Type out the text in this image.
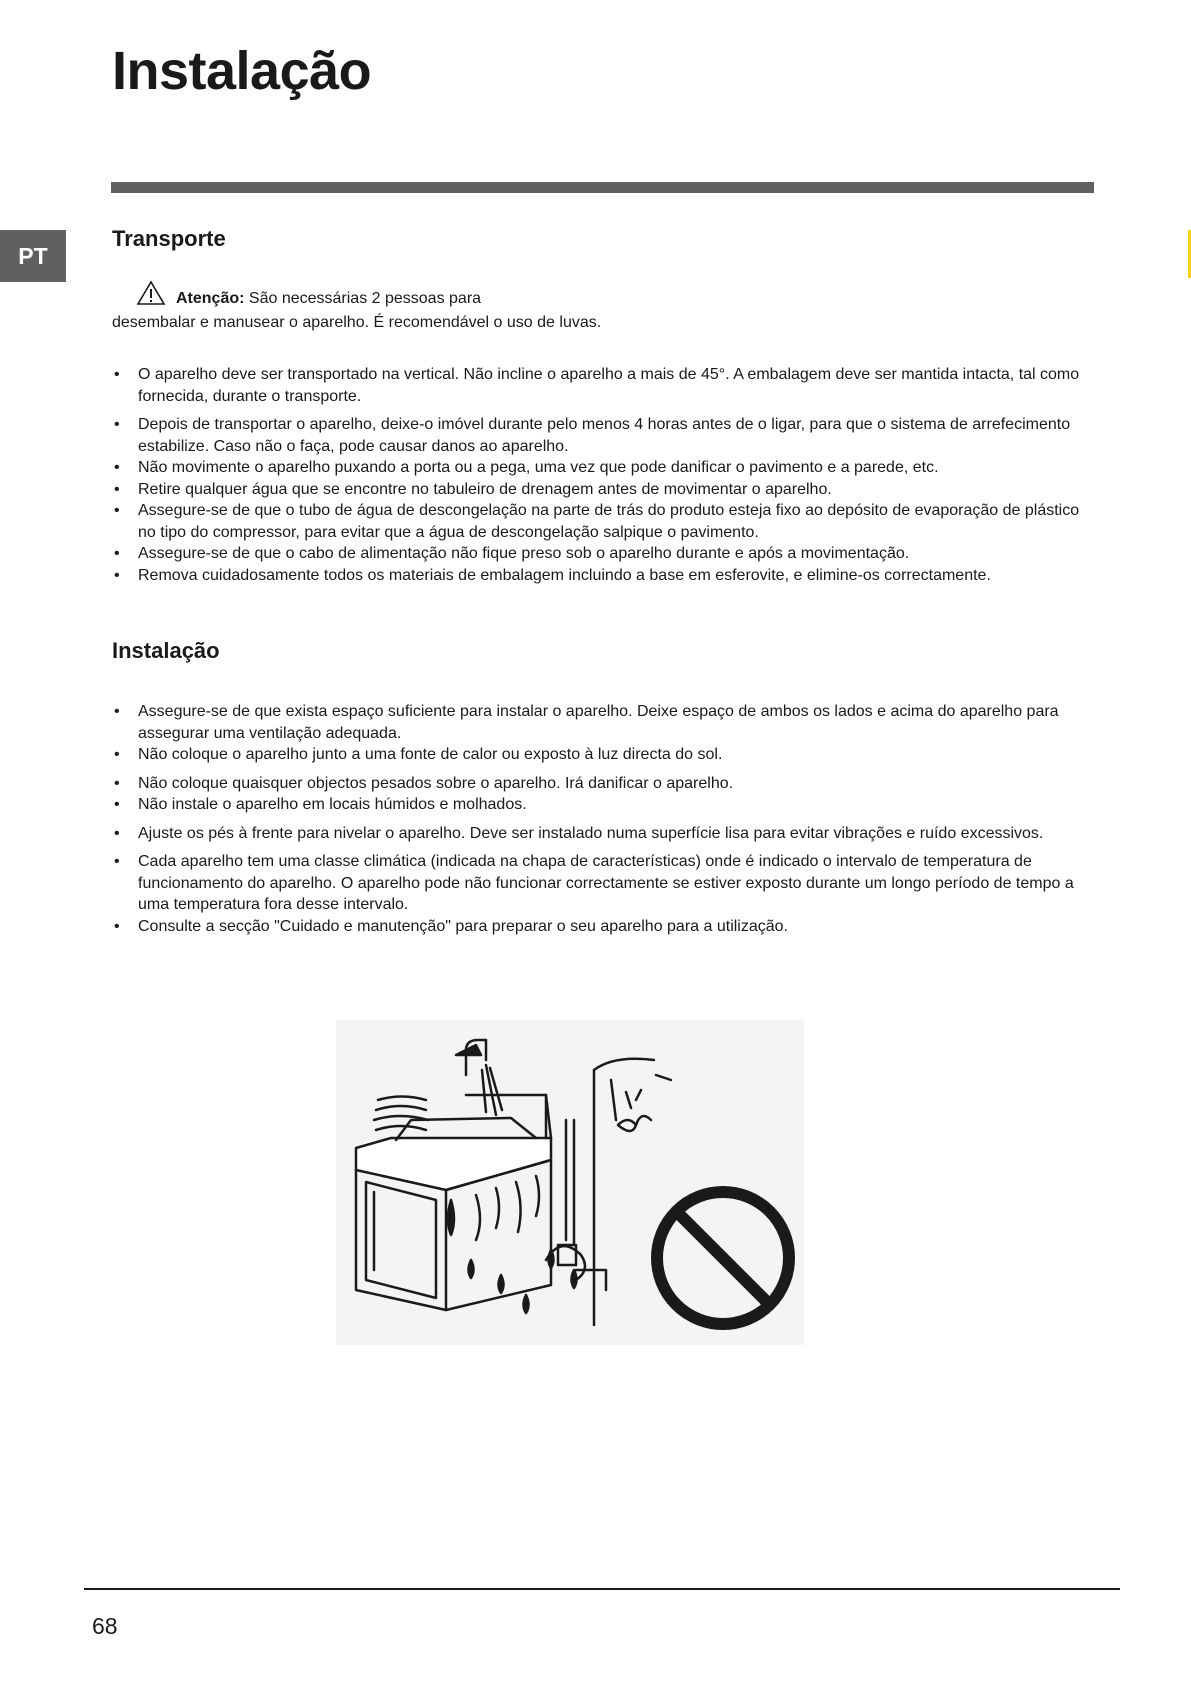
Instalação
PT
Transporte
Atenção: São necessárias 2 pessoas para
desembalar e manusear o aparelho. É recomendável o uso de luvas.
• O aparelho deve ser transportado na vertical. Não incline o aparelho a mais de 45°. A embalagem deve ser mantida intacta, tal como fornecida, durante o transporte.
• Depois de transportar o aparelho, deixe-o imóvel durante pelo menos 4 horas antes de o ligar, para que o sistema de arrefecimento estabilize. Caso não o faça, pode causar danos ao aparelho.
• Não movimente o aparelho puxando a porta ou a pega, uma vez que pode danificar o pavimento e a parede, etc.
• Retire qualquer água que se encontre no tabuleiro de drenagem antes de movimentar o aparelho.
• Assegure-se de que o tubo de água de descongelação na parte de trás do produto esteja fixo ao depósito de evaporação de plástico no tipo do compressor, para evitar que a água de descongelação salpique o pavimento.
• Assegure-se de que o cabo de alimentação não fique preso sob o aparelho durante e após a movimentação.
• Remova cuidadosamente todos os materiais de embalagem incluindo a base em esferovite, e elimine-os correctamente.
Instalação
• Assegure-se de que exista espaço suficiente para instalar o aparelho. Deixe espaço de ambos os lados e acima do aparelho para assegurar uma ventilação adequada.
• Não coloque o aparelho junto a uma fonte de calor ou exposto à luz directa do sol.
• Não coloque quaisquer objectos pesados sobre o aparelho. Irá danificar o aparelho.
• Não instale o aparelho em locais húmidos e molhados.
• Ajuste os pés à frente para nivelar o aparelho. Deve ser instalado numa superfície lisa para evitar vibrações e ruído excessivos.
• Cada aparelho tem uma classe climática (indicada na chapa de características) onde é indicado o intervalo de temperatura de funcionamento do aparelho. O aparelho pode não funcionar correctamente se estiver exposto durante um longo período de tempo a uma temperatura fora desse intervalo.
• Consulte a secção "Cuidado e manutenção" para preparar o seu aparelho para a utilização.
68
